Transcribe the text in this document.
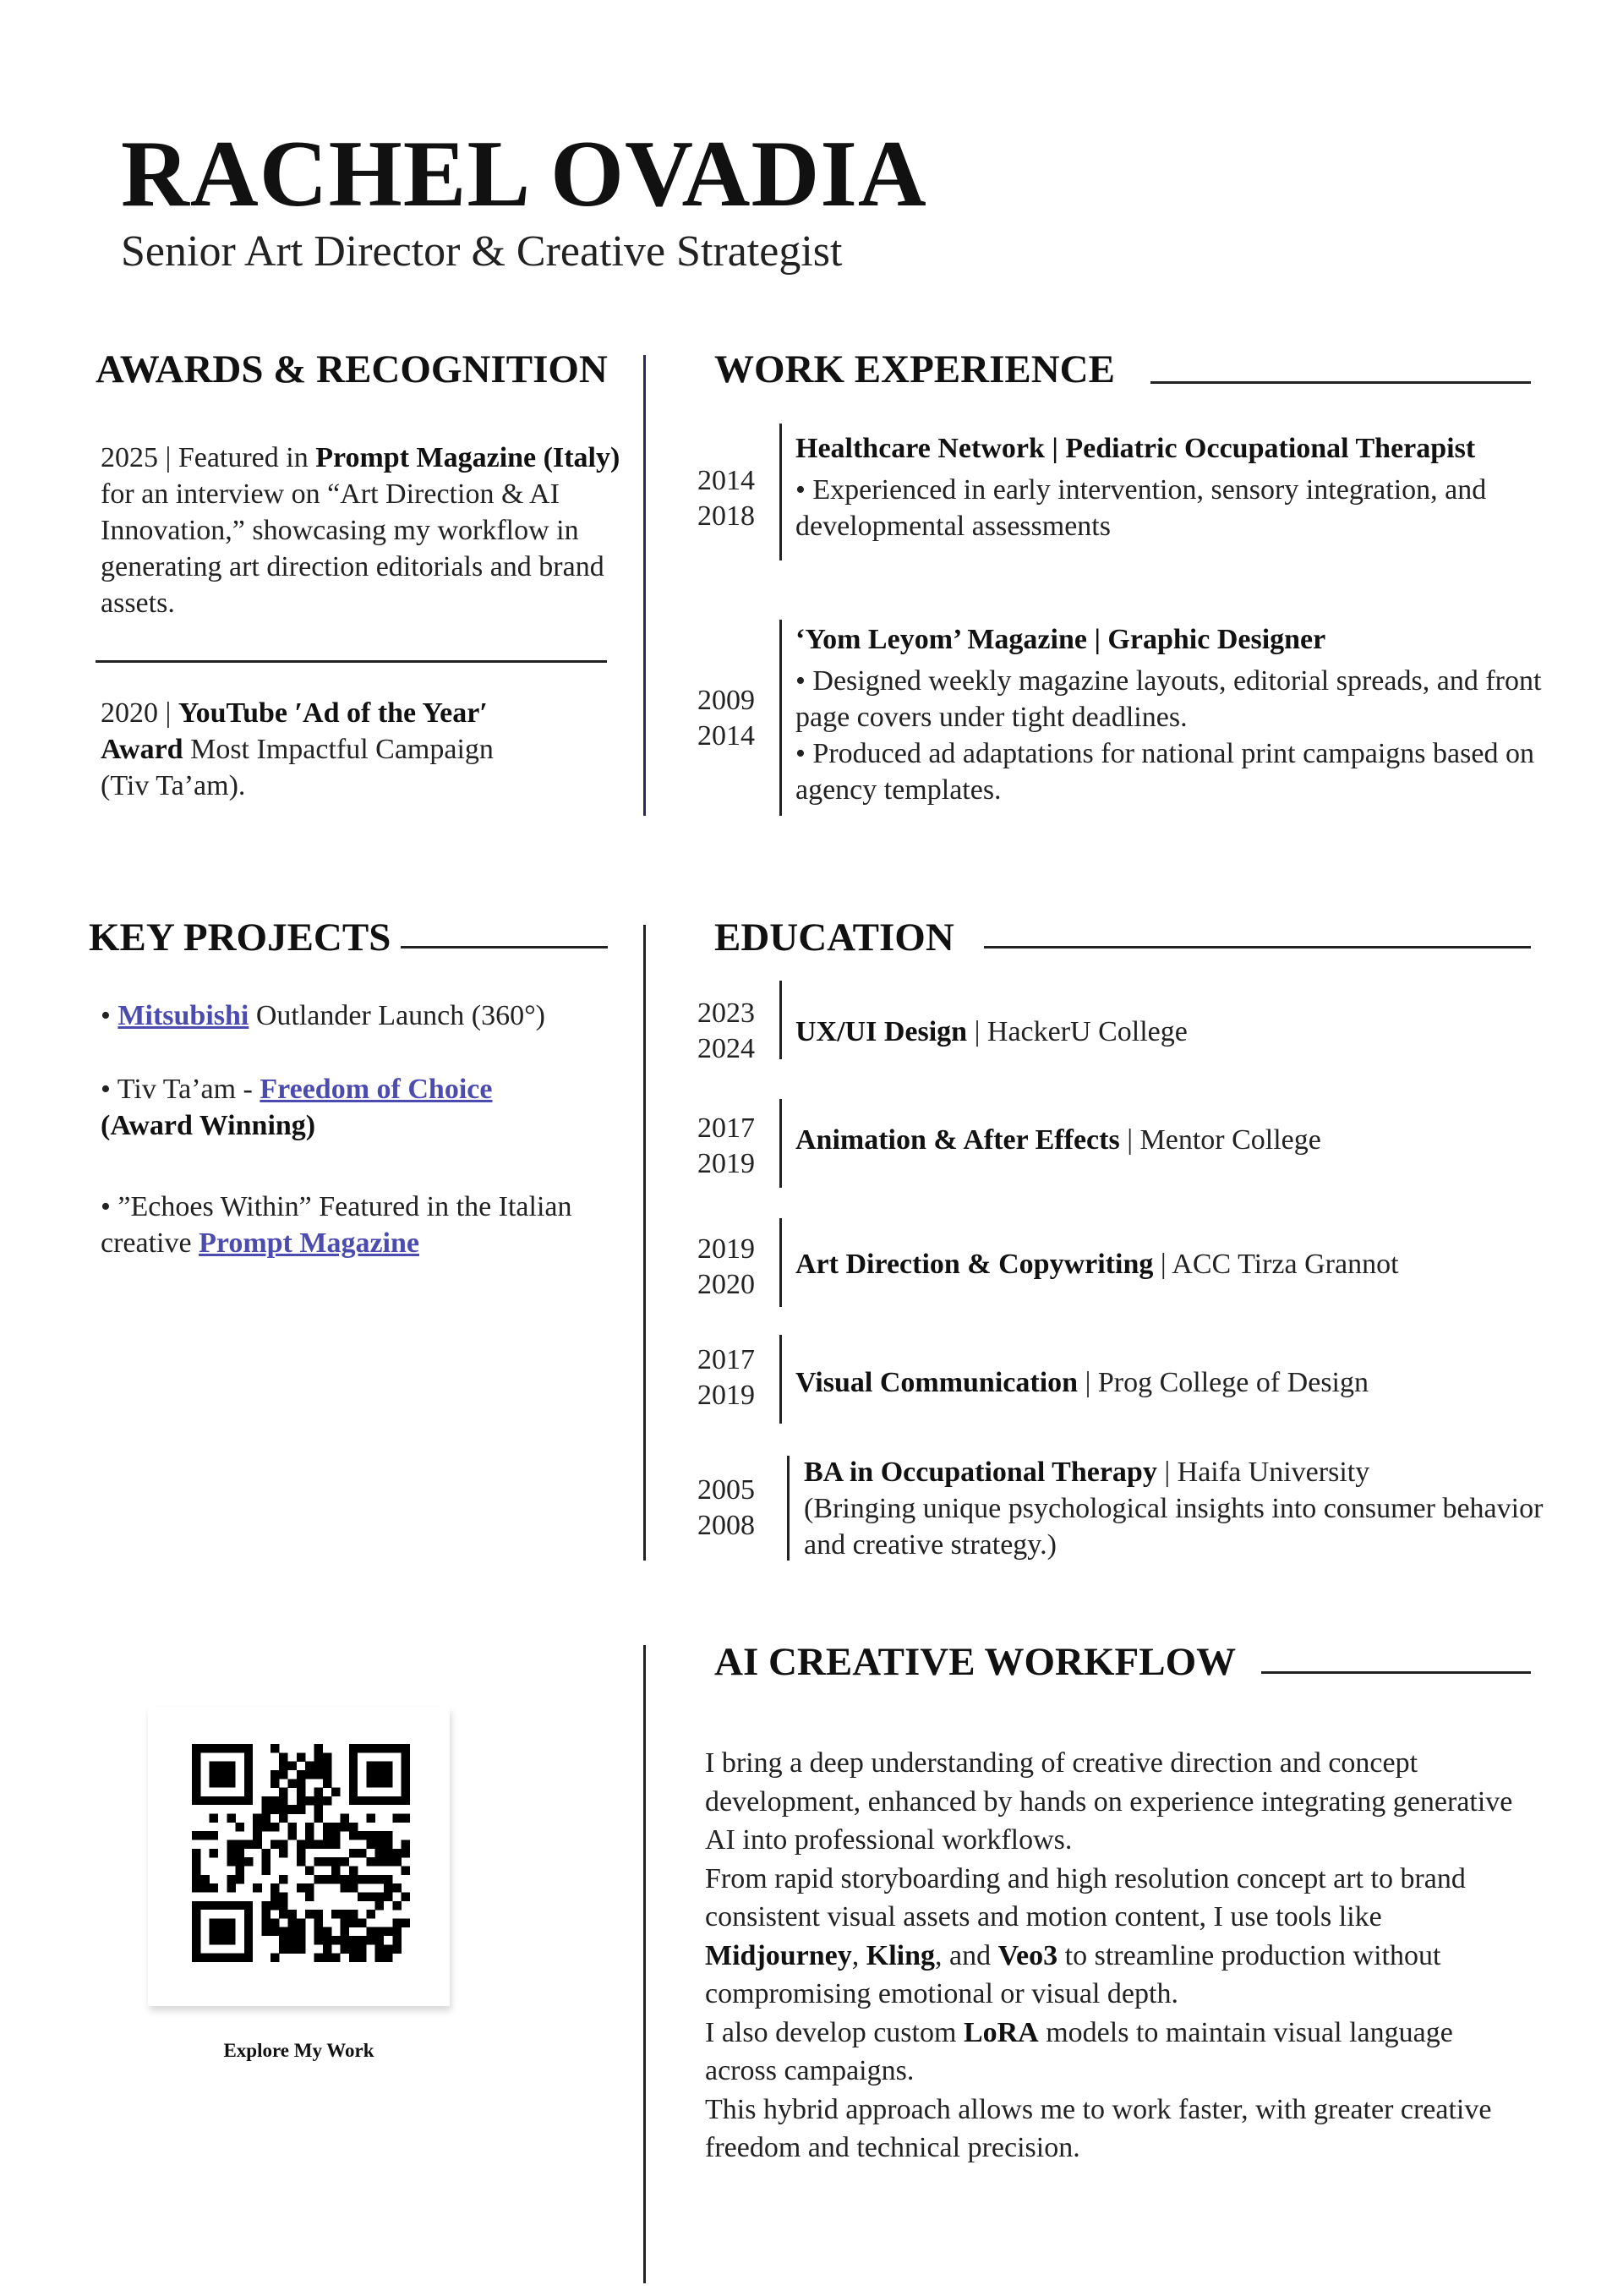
RACHEL OVADIA
Senior Art Director & Creative Strategist
AWARDS & RECOGNITION
2025 | Featured in Prompt Magazine (Italy) for an interview on “Art Direction & AI Innovation,” showcasing my workflow in generating art direction editorials and brand assets.
2020 | YouTube ′Ad of the Year′ Award Most Impactful Campaign (Tiv Ta’am).
WORK EXPERIENCE
2014
2018
Healthcare Network | Pediatric Occupational Therapist
• Experienced in early intervention, sensory integration, and developmental assessments
2009
2014
‘Yom Leyom’ Magazine | Graphic Designer
• Designed weekly magazine layouts, editorial spreads, and front page covers under tight deadlines.
• Produced ad adaptations for national print campaigns based on agency templates.
KEY PROJECTS
• Mitsubishi Outlander Launch (360°)
• Tiv Ta’am - Freedom of Choice
(Award Winning)
• ”Echoes Within” Featured in the Italian creative Prompt Magazine
EDUCATION
2023
2024
UX/UI Design | HackerU College
2017
2019
Animation & After Effects | Mentor College
2019
2020
Art Direction & Copywriting | ACC Tirza Grannot
2017
2019 Visual Communication | Prog College of Design
2005
2008
BA in Occupational Therapy | Haifa University
(Bringing unique psychological insights into consumer behavior and creative strategy.)
AI CREATIVE WORKFLOW
I bring a deep understanding of creative direction and concept development, enhanced by hands on experience integrating generative AI into professional workflows.
From rapid storyboarding and high resolution concept art to brand consistent visual assets and motion content, I use tools like Midjourney, Kling, and Veo3 to streamline production without compromising emotional or visual depth.
I also develop custom LoRA models to maintain visual language across campaigns.
This hybrid approach allows me to work faster, with greater creative freedom and technical precision.
Explore My Work
